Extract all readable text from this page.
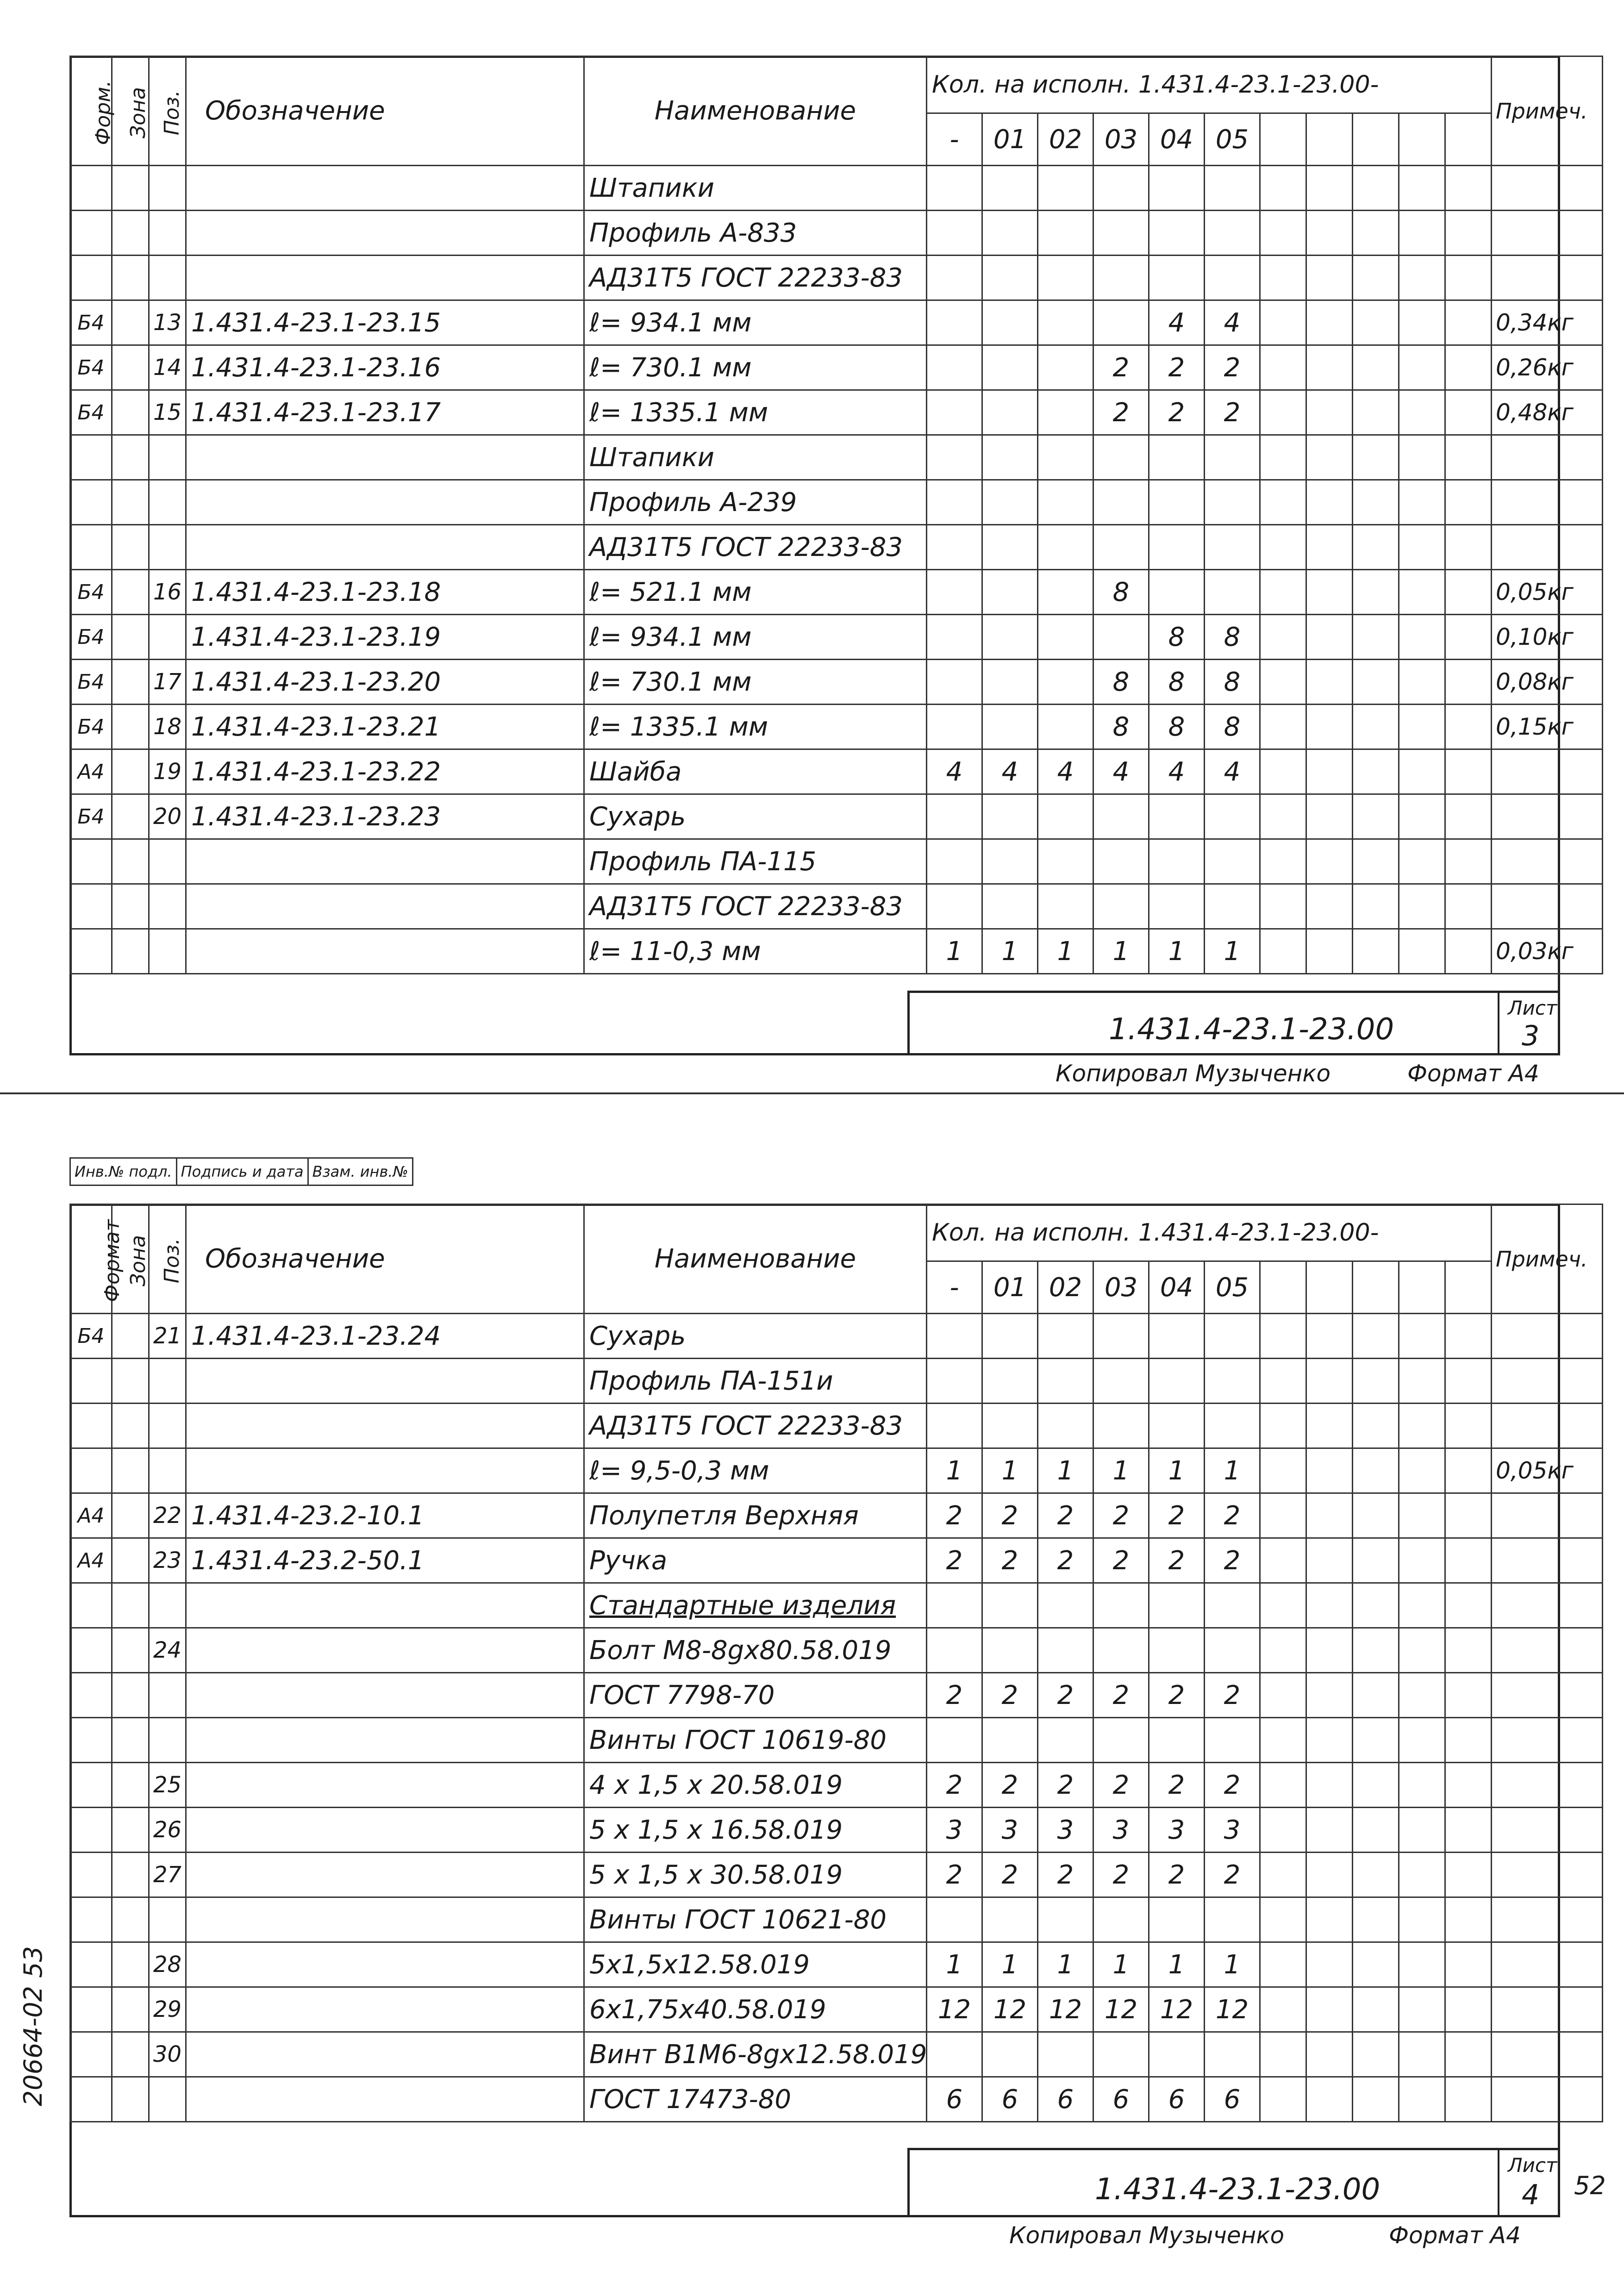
Форм.	Зона	Поз.	Обозначение	Наименование	Кол. на исполн. 1.431.4-23.1-23.00-											Примеч.
					-	01	02	03	04	05						
				Штапики												
				Профиль А-833												
				АД31Т5 ГОСТ 22233-83												
Б4		13	1.431.4-23.1-23.15	ℓ= 934.1 мм					4	4						0,34кг
Б4		14	1.431.4-23.1-23.16	ℓ= 730.1 мм				2	2	2						0,26кг
Б4		15	1.431.4-23.1-23.17	ℓ= 1335.1 мм				2	2	2						0,48кг
				Штапики												
				Профиль А-239												
				АД31Т5 ГОСТ 22233-83												
Б4		16	1.431.4-23.1-23.18	ℓ= 521.1 мм				8								0,05кг
Б4			1.431.4-23.1-23.19	ℓ= 934.1 мм					8	8						0,10кг
Б4		17	1.431.4-23.1-23.20	ℓ= 730.1 мм				8	8	8						0,08кг
Б4		18	1.431.4-23.1-23.21	ℓ= 1335.1 мм				8	8	8						0,15кг
А4		19	1.431.4-23.1-23.22	Шайба	4	4	4	4	4	4						
Б4		20	1.431.4-23.1-23.23	Сухарь												
				Профиль ПА-115												
				АД31Т5 ГОСТ 22233-83												
				ℓ= 11-0,3 мм	1	1	1	1	1	1						0,03кг
1.431.4-23.1-23.00
Лист
3
Копировал Музыченко	Формат А4
Инв.№ подл.	Подпись и дата	Взам. инв.№
Формат	Зона	Поз.	Обозначение	Наименование	Кол. на исполн. 1.431.4-23.1-23.00-											Примеч.
					-	01	02	03	04	05						
Б4		21	1.431.4-23.1-23.24	Сухарь												
				Профиль ПА-151и												
				АД31Т5 ГОСТ 22233-83												
				ℓ= 9,5-0,3 мм	1	1	1	1	1	1						0,05кг
А4		22	1.431.4-23.2-10.1	Полупетля Верхняя	2	2	2	2	2	2						
А4		23	1.431.4-23.2-50.1	Ручка	2	2	2	2	2	2						
				Стандартные изделия												
		24		Болт М8-8gх80.58.019												
				ГОСТ 7798-70	2	2	2	2	2	2						
				Винты ГОСТ 10619-80												
		25		4 х 1,5 х 20.58.019	2	2	2	2	2	2						
		26		5 х 1,5 х 16.58.019	3	3	3	3	3	3						
		27		5 х 1,5 х 30.58.019	2	2	2	2	2	2						
				Винты ГОСТ 10621-80												
		28		5х1,5х12.58.019	1	1	1	1	1	1						
		29		6х1,75х40.58.019	12	12	12	12	12	12						
		30		Винт В1М6-8gх12.58.019												
				ГОСТ 17473-80	6	6	6	6	6	6						
1.431.4-23.1-23.00
Лист
4
Копировал Музыченко	Формат А4
20664-02 53
52
